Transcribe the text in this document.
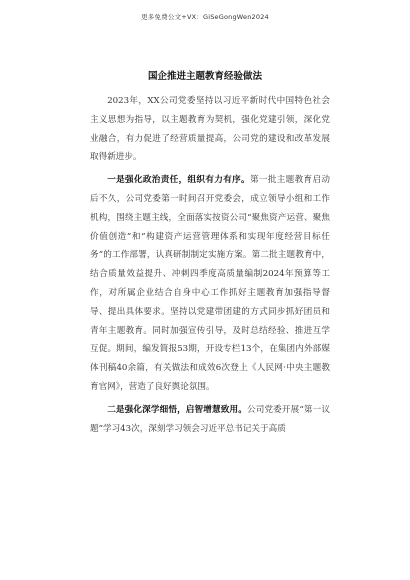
更多免费公文+VX：GiSeGongWen2024
国企推进主题教育经验做法

2023年，XX公司党委坚持以习近平新时代中国特色社会主义思想为指导，以主题教育为契机，强化党建引领，深化党业融合，有力促进了经营质量提高，公司党的建设和改革发展取得新进步。

一是强化政治责任，组织有力有序。第一批主题教育启动后不久，公司党委第一时间召开党委会，成立领导小组和工作机构，围绕主题主线，全面落实按资公司“聚焦资产运营、聚焦价值创造”和“构建资产运营管理体系和实现年度经营目标任务”的工作部署，认真研制制定实施方案。第二批主题教育中，结合质量效益提升、冲刺四季度高质量编制2024年预算等工作，对所属企业结合自身中心工作抓好主题教育加强指导督导、提出具体要求。坚持以党建带团建的方式同步抓好团员和青年主题教育。同时加强宣传引导，及时总结经验、推进互学互促。期间，编发简报53期，开设专栏13个，在集团内外部媒体刊稿40余篇，有关做法和成效6次登上《人民网·中央主题教育官网》，营造了良好舆论氛围。

二是强化深学细悟，启智增慧致用。公司党委开展“第一议题”学习43次，深刻学习领会习近平总书记关于高质
